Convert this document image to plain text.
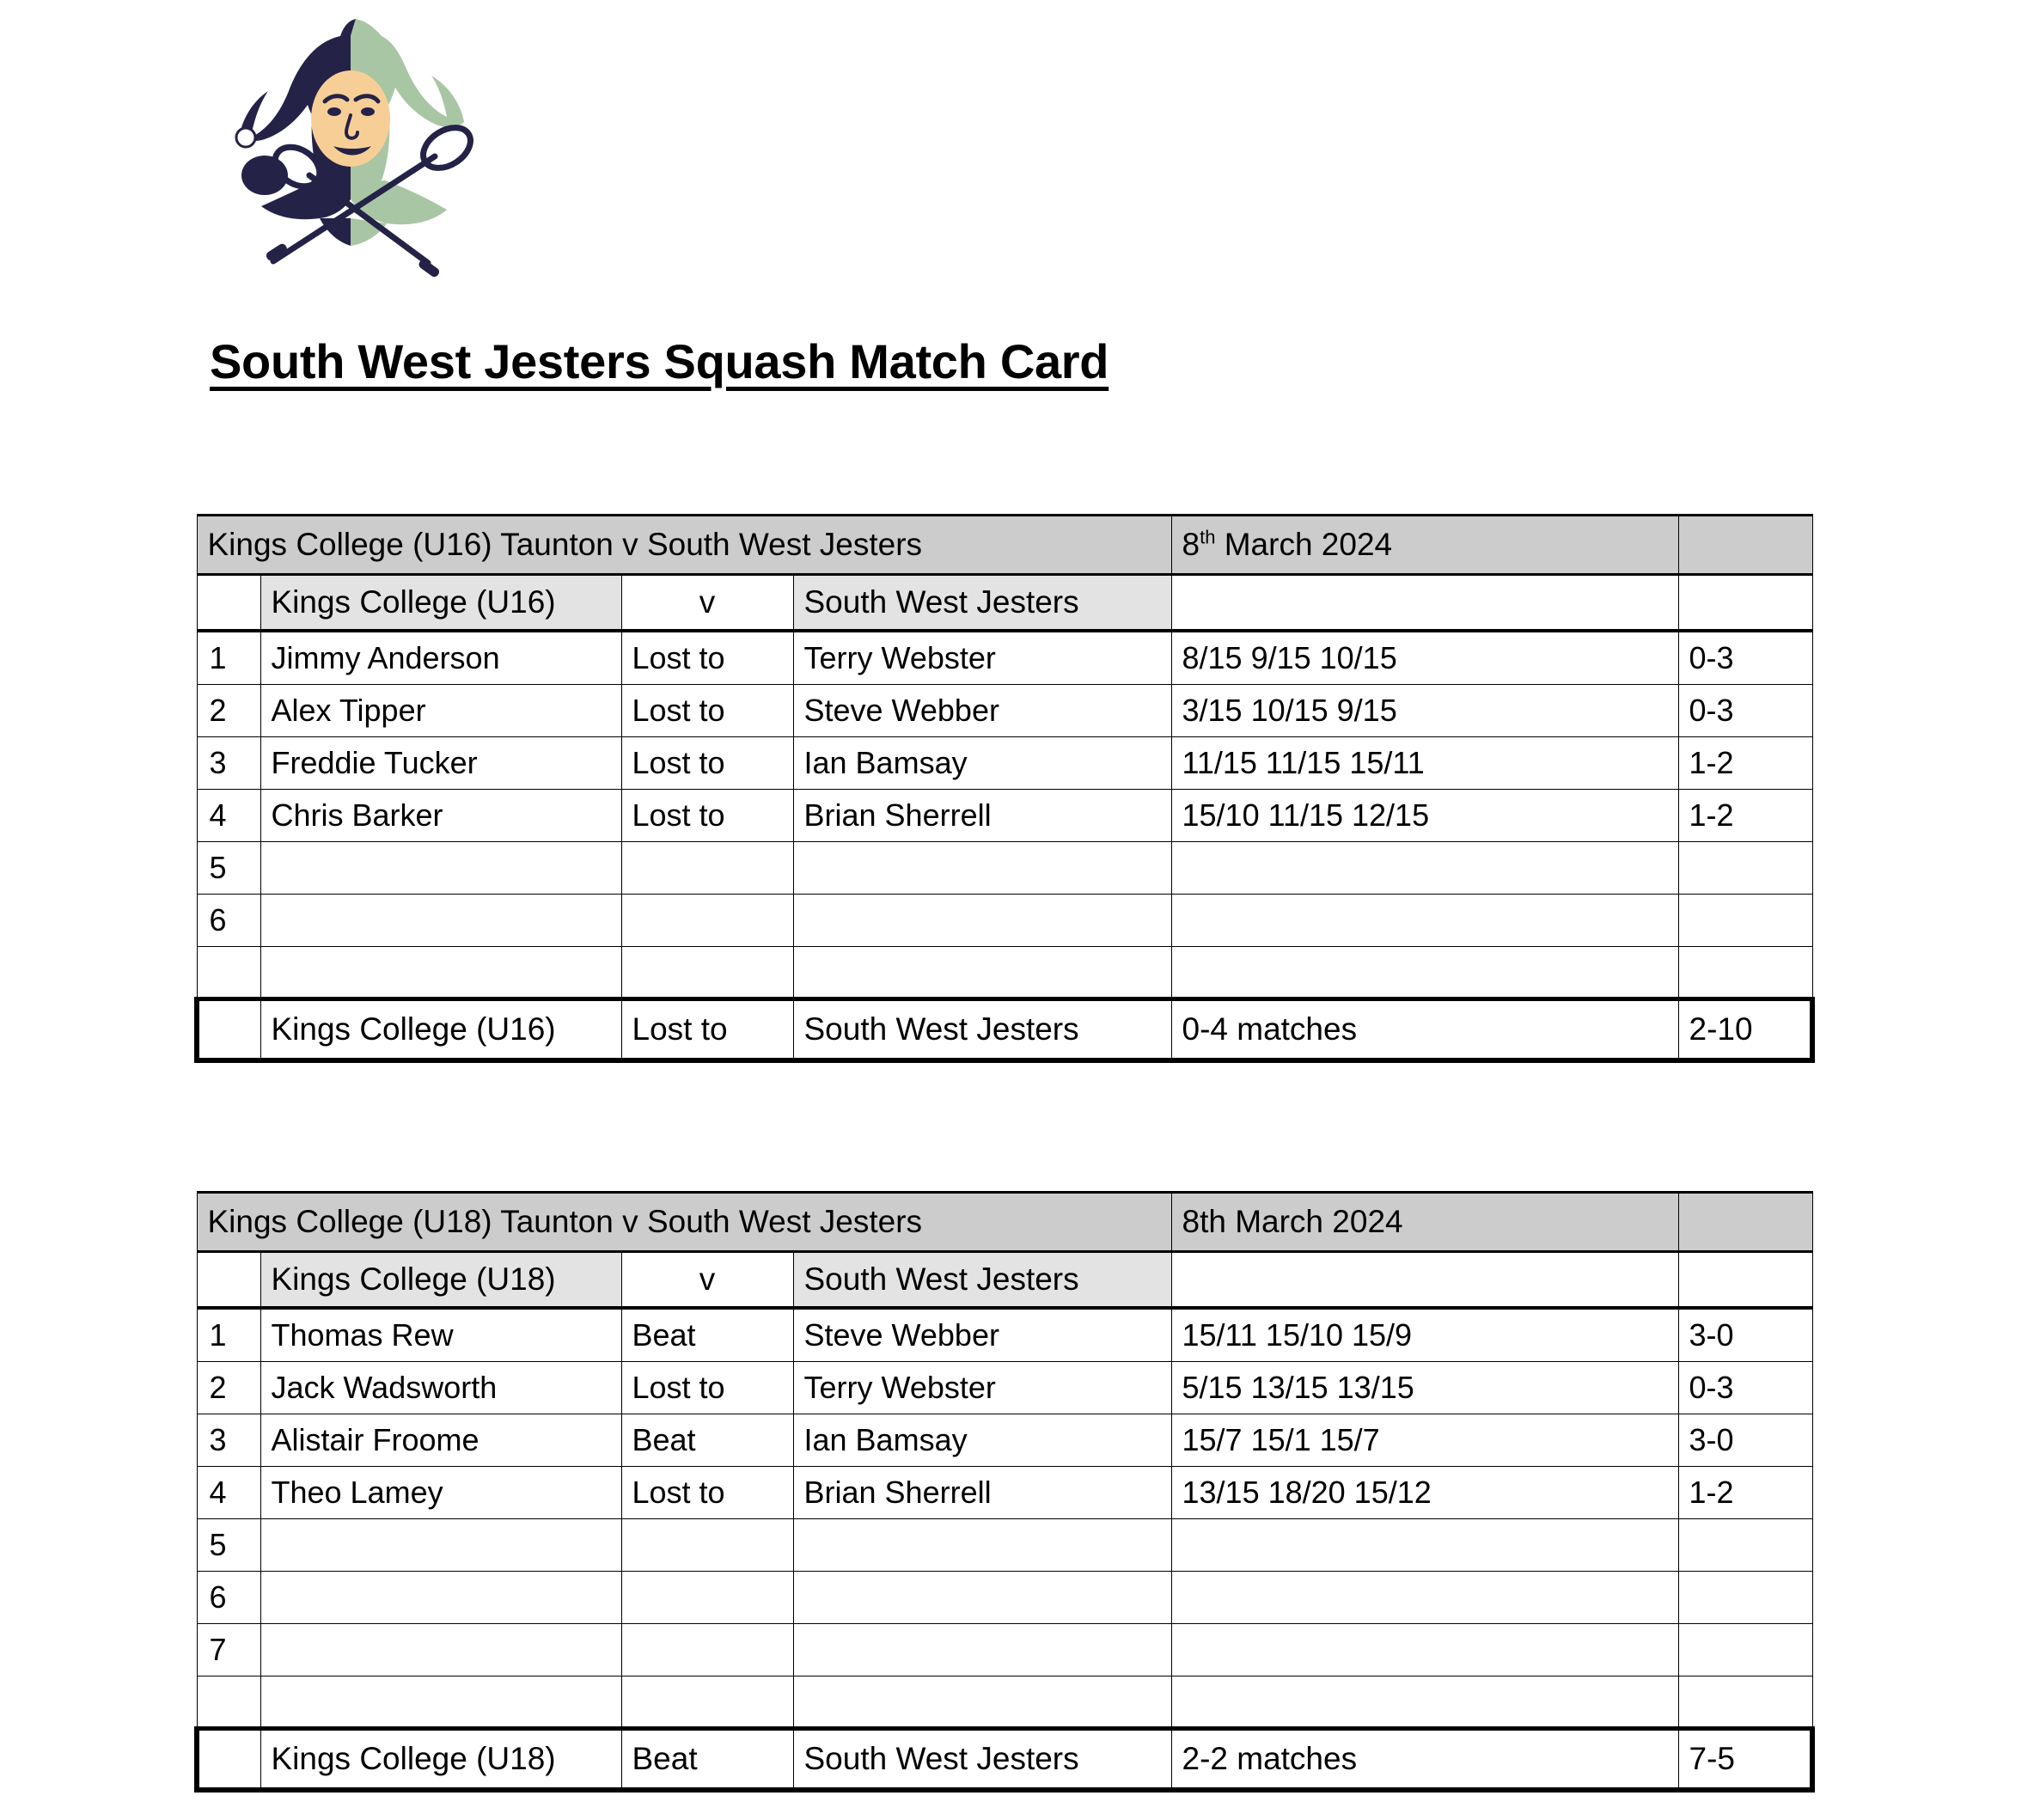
South West Jesters Squash Match Card
Kings College (U16) Taunton v South West Jesters				8th March 2024	
	Kings College (U16)	v	South West Jesters		
1	Jimmy Anderson	Lost to	Terry Webster	8/15 9/15 10/15	0-3
2	Alex Tipper	Lost to	Steve Webber	3/15 10/15 9/15	0-3
3	Freddie Tucker	Lost to	Ian Bamsay	11/15 11/15 15/11	1-2
4	Chris Barker	Lost to	Brian Sherrell	15/10 11/15 12/15	1-2
5					
6					

	Kings College (U16)	Lost to	South West Jesters	0-4 matches	2-10
Kings College (U18) Taunton v South West Jesters				8th March 2024	
	Kings College (U18)	v	South West Jesters		
1	Thomas Rew	Beat	Steve Webber	15/11 15/10 15/9	3-0
2	Jack Wadsworth	Lost to	Terry Webster	5/15 13/15 13/15	0-3
3	Alistair Froome	Beat	Ian Bamsay	15/7 15/1 15/7	3-0
4	Theo Lamey	Lost to	Brian Sherrell	13/15 18/20 15/12	1-2
5					
6					
7					

	Kings College (U18)	Beat	South West Jesters	2-2 matches	7-5
